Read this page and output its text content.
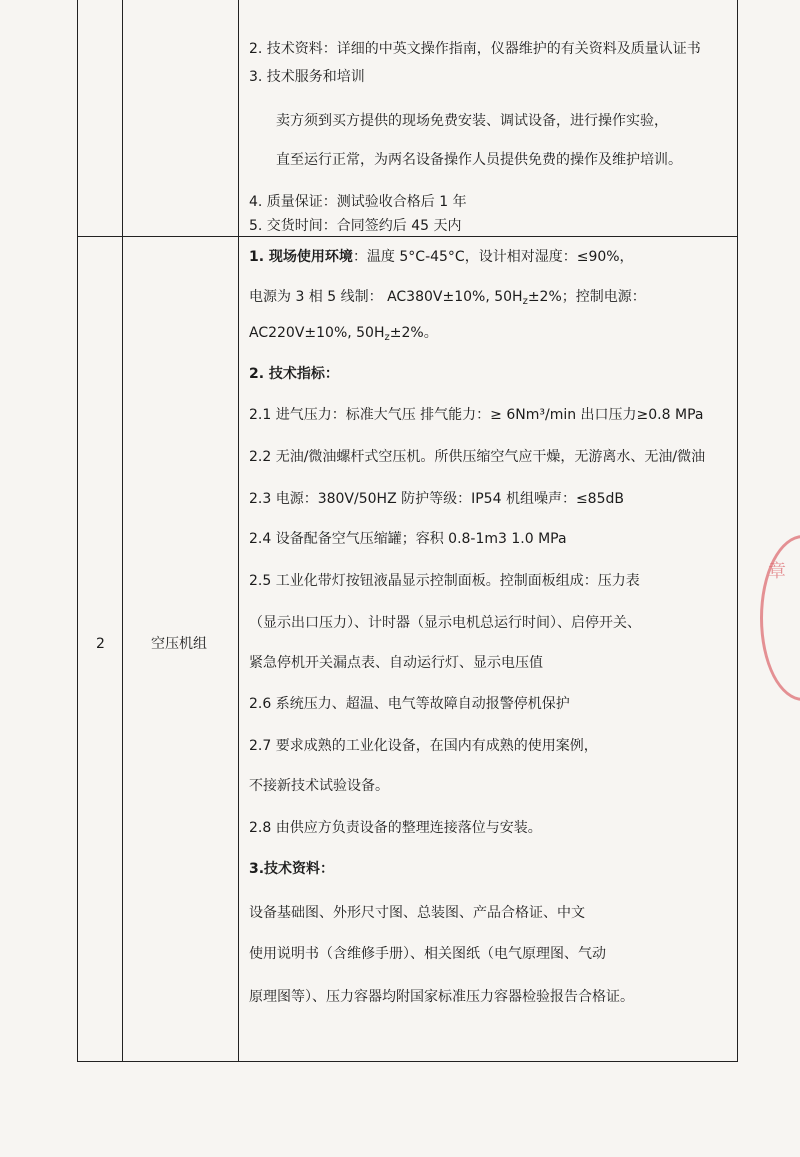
2. 技术资料：详细的中英文操作指南，仪器维护的有关资料及质量认证书
3. 技术服务和培训
卖方须到买方提供的现场免费安装、调试设备，进行操作实验，
直至运行正常，为两名设备操作人员提供免费的操作及维护培训。
4. 质量保证：测试验收合格后 1 年
5. 交货时间：合同签约后 45 天内
2	空压机组
1. 现场使用环境：温度 5°C-45°C，设计相对湿度：≤90%，
电源为 3 相 5 线制： AC380V±10%, $50H_z\pm 2\%$；控制电源：
AC220V±10%, $50H_z\pm 2\%$。
2. 技术指标：
2.1 进气压力：标准大气压 排气能力：≥ 6Nm³/min 出口压力≥0.8 MPa
2.2 无油/微油螺杆式空压机。所供压缩空气应干燥，无游离水、无油/微油
2.3 电源：380V/50HZ 防护等级：IP54 机组噪声：≤85dB
2.4 设备配备空气压缩罐；容积 0.8-1m3 1.0 MPa
2.5 工业化带灯按钮液晶显示控制面板。控制面板组成：压力表
（显示出口压力）、计时器（显示电机总运行时间）、启停开关、
紧急停机开关漏点表、自动运行灯、显示电压值
2.6 系统压力、超温、电气等故障自动报警停机保护
2.7 要求成熟的工业化设备，在国内有成熟的使用案例，
不接新技术试验设备。
2.8 由供应方负责设备的整理连接落位与安装。
3.技术资料：
设备基础图、外形尺寸图、总装图、产品合格证、中文
使用说明书（含维修手册）、相关图纸（电气原理图、气动
原理图等）、压力容器均附国家标准压力容器检验报告合格证。
章
